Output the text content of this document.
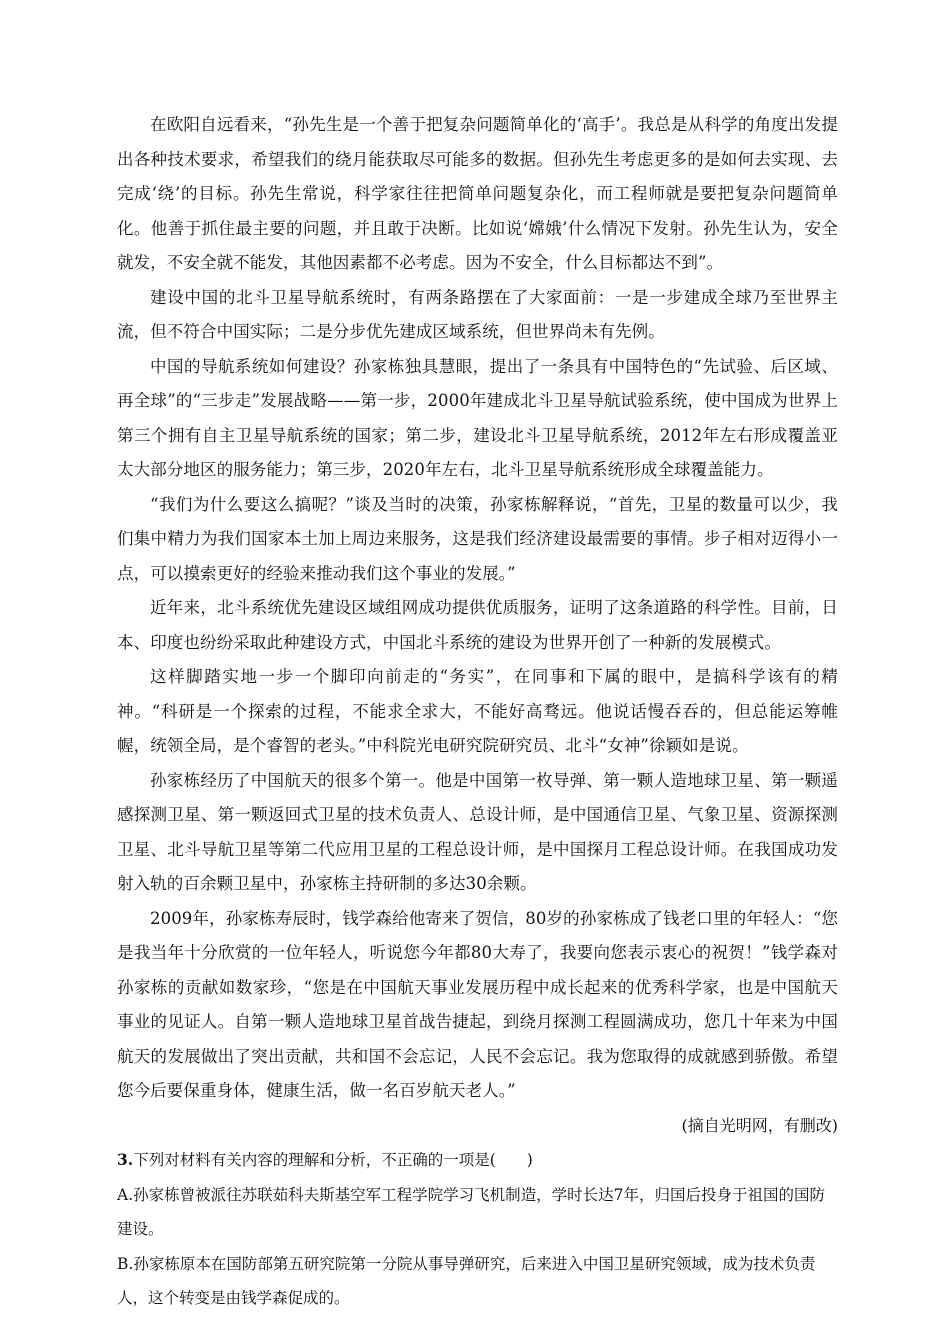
在欧阳自远看来，“孙先生是一个善于把复杂问题简单化的‘高手’。我总是从科学的角度出发提出各种技术要求，希望我们的绕月能获取尽可能多的数据。但孙先生考虑更多的是如何去实现、去完成‘绕’的目标。孙先生常说，科学家往往把简单问题复杂化，而工程师就是要把复杂问题简单化。他善于抓住最主要的问题，并且敢于决断。比如说‘嫦娥’什么情况下发射。孙先生认为，安全就发，不安全就不能发，其他因素都不必考虑。因为不安全，什么目标都达不到”。

建设中国的北斗卫星导航系统时，有两条路摆在了大家面前：一是一步建成全球乃至世界主流，但不符合中国实际；二是分步优先建成区域系统，但世界尚未有先例。

中国的导航系统如何建设？孙家栋独具慧眼，提出了一条具有中国特色的“先试验、后区域、再全球”的“三步走”发展战略——第一步，2000年建成北斗卫星导航试验系统，使中国成为世界上第三个拥有自主卫星导航系统的国家；第二步，建设北斗卫星导航系统，2012年左右形成覆盖亚太大部分地区的服务能力；第三步，2020年左右，北斗卫星导航系统形成全球覆盖能力。

“我们为什么要这么搞呢？”谈及当时的决策，孙家栋解释说，“首先，卫星的数量可以少，我们集中精力为我们国家本土加上周边来服务，这是我们经济建设最需要的事情。步子相对迈得小一点，可以摸索更好的经验来推动我们这个事业的发展。”

近年来，北斗系统优先建设区域组网成功提供优质服务，证明了这条道路的科学性。目前，日本、印度也纷纷采取此种建设方式，中国北斗系统的建设为世界开创了一种新的发展模式。

这样脚踏实地一步一个脚印向前走的“务实”，在同事和下属的眼中，是搞科学该有的精神。“科研是一个探索的过程，不能求全求大，不能好高骛远。他说话慢吞吞的，但总能运筹帷幄，统领全局，是个睿智的老头。”中科院光电研究院研究员、北斗“女神”徐颖如是说。

孙家栋经历了中国航天的很多个第一。他是中国第一枚导弹、第一颗人造地球卫星、第一颗遥感探测卫星、第一颗返回式卫星的技术负责人、总设计师，是中国通信卫星、气象卫星、资源探测卫星、北斗导航卫星等第二代应用卫星的工程总设计师，是中国探月工程总设计师。在我国成功发射入轨的百余颗卫星中，孙家栋主持研制的多达30余颗。

2009年，孙家栋寿辰时，钱学森给他寄来了贺信，80岁的孙家栋成了钱老口里的年轻人：“您是我当年十分欣赏的一位年轻人，听说您今年都80大寿了，我要向您表示衷心的祝贺！”钱学森对孙家栋的贡献如数家珍，“您是在中国航天事业发展历程中成长起来的优秀科学家，也是中国航天事业的见证人。自第一颗人造地球卫星首战告捷起，到绕月探测工程圆满成功，您几十年来为中国航天的发展做出了突出贡献，共和国不会忘记，人民不会忘记。我为您取得的成就感到骄傲。希望您今后要保重身体，健康生活，做一名百岁航天老人。”

(摘自光明网，有删改)

3.下列对材料有关内容的理解和分析，不正确的一项是(　　)

A.孙家栋曾被派往苏联茹科夫斯基空军工程学院学习飞机制造，学时长达7年，归国后投身于祖国的国防建设。

B.孙家栋原本在国防部第五研究院第一分院从事导弹研究，后来进入中国卫星研究领域，成为技术负责人，这个转变是由钱学森促成的。
